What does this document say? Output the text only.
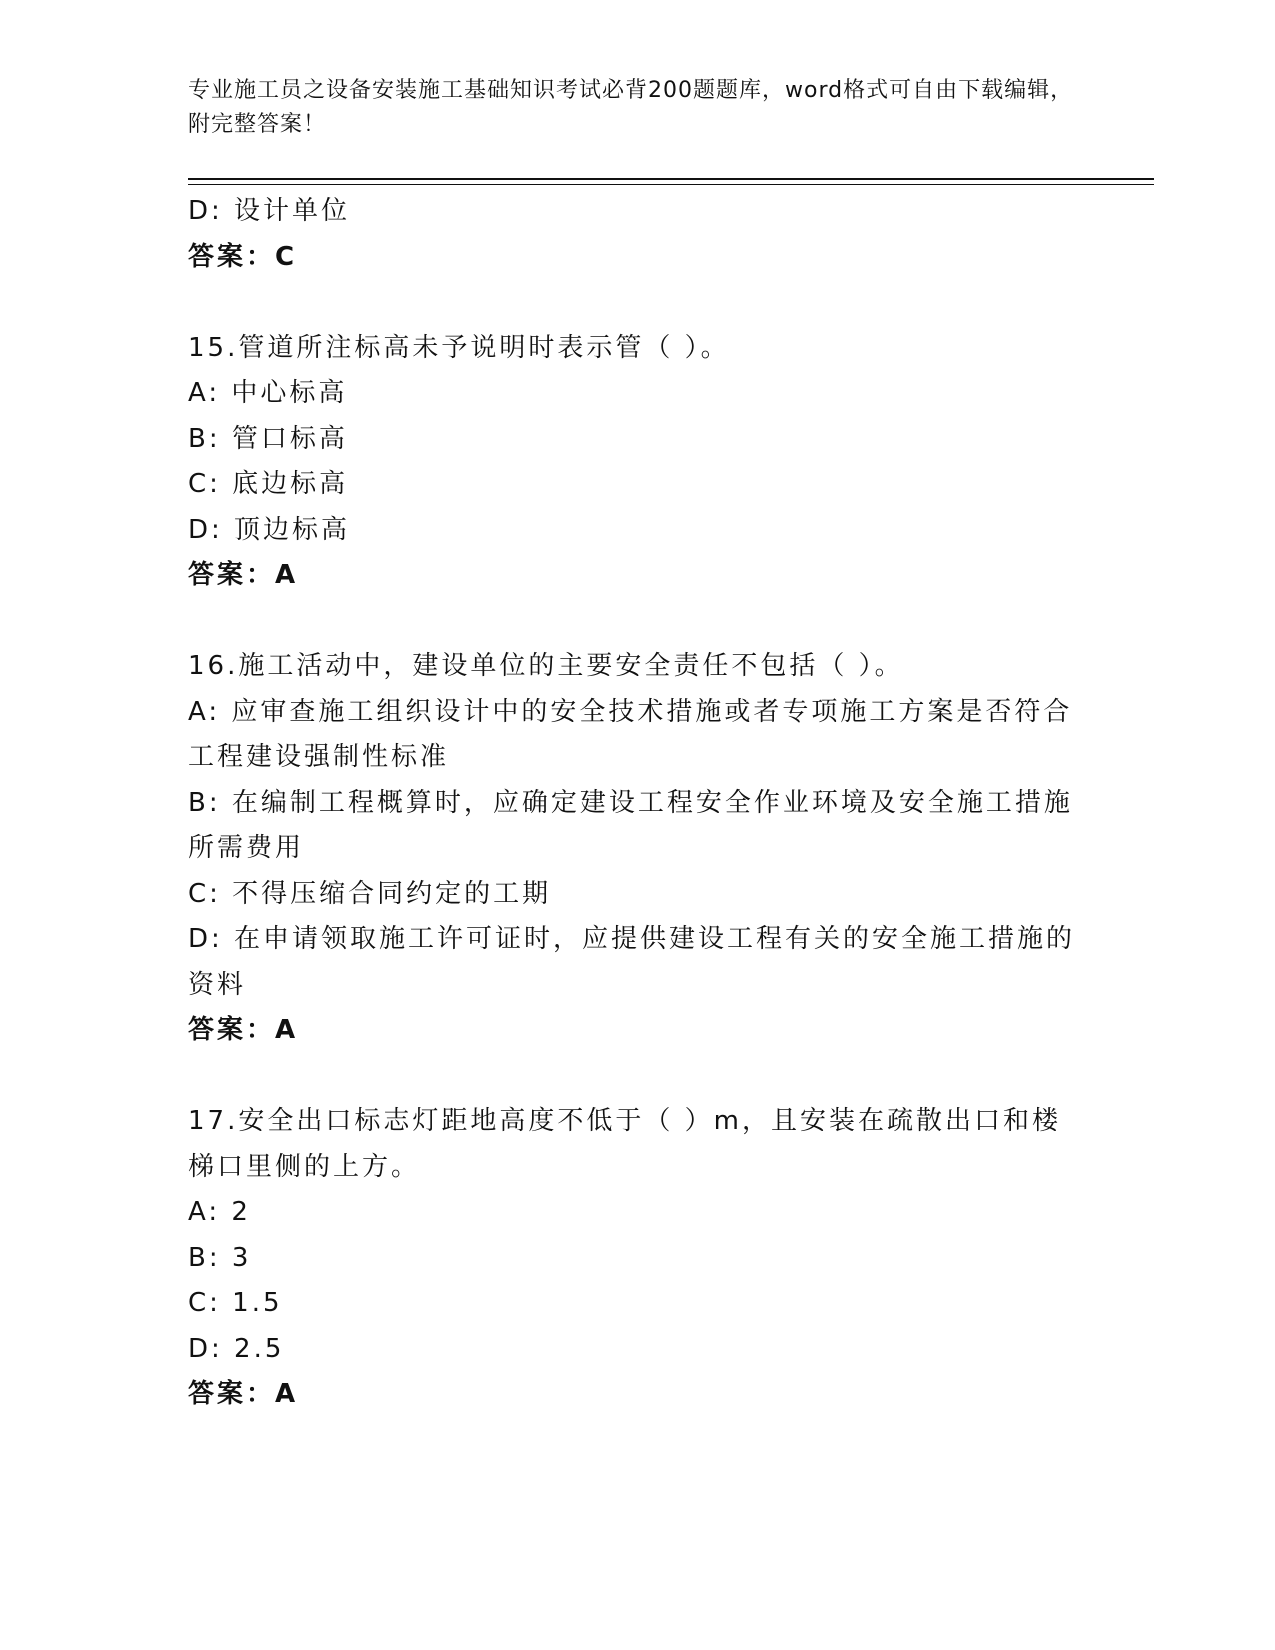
专业施工员之设备安装施工基础知识考试必背200题题库，word格式可自由下载编辑，附完整答案！
D: 设计单位
答案：C
15.管道所注标高未予说明时表示管（ ）。
A: 中心标高
B: 管口标高
C: 底边标高
D: 顶边标高
答案：A
16.施工活动中，建设单位的主要安全责任不包括（ ）。
A: 应审查施工组织设计中的安全技术措施或者专项施工方案是否符合工程建设强制性标准
B: 在编制工程概算时，应确定建设工程安全作业环境及安全施工措施所需费用
C: 不得压缩合同约定的工期
D: 在申请领取施工许可证时，应提供建设工程有关的安全施工措施的资料
答案：A
17.安全出口标志灯距地高度不低于（ ）m，且安装在疏散出口和楼梯口里侧的上方。
A: 2
B: 3
C: 1.5
D: 2.5
答案：A
